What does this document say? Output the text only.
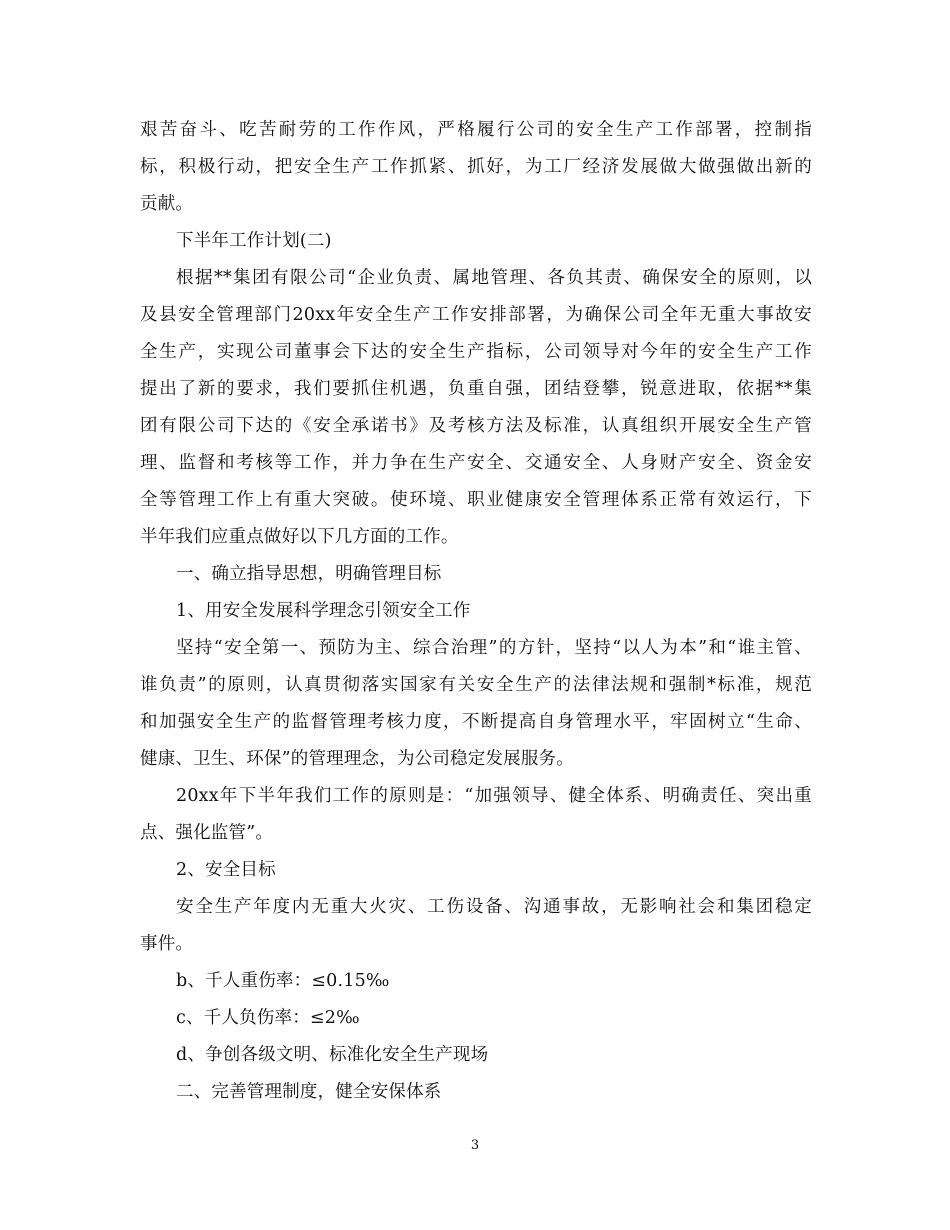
艰苦奋斗、吃苦耐劳的工作作风，严格履行公司的安全生产工作部署，控制指
标，积极行动，把安全生产工作抓紧、抓好，为工厂经济发展做大做强做出新的
贡献。
下半年工作计划(二)
根据**集团有限公司“企业负责、属地管理、各负其责、确保安全的原则，以
及县安全管理部门20xx年安全生产工作安排部署，为确保公司全年无重大事故安
全生产，实现公司董事会下达的安全生产指标，公司领导对今年的安全生产工作
提出了新的要求，我们要抓住机遇，负重自强，团结登攀，锐意进取，依据**集
团有限公司下达的《安全承诺书》及考核方法及标准，认真组织开展安全生产管
理、监督和考核等工作，并力争在生产安全、交通安全、人身财产安全、资金安
全等管理工作上有重大突破。使环境、职业健康安全管理体系正常有效运行，下
半年我们应重点做好以下几方面的工作。
一、确立指导思想，明确管理目标
1、用安全发展科学理念引领安全工作
坚持“安全第一、预防为主、综合治理”的方针，坚持“以人为本”和“谁主管、
谁负责”的原则，认真贯彻落实国家有关安全生产的法律法规和强制*标准，规范
和加强安全生产的监督管理考核力度，不断提高自身管理水平，牢固树立“生命、
健康、卫生、环保”的管理理念，为公司稳定发展服务。
20xx年下半年我们工作的原则是：“加强领导、健全体系、明确责任、突出重
点、强化监管”。
2、安全目标
安全生产年度内无重大火灾、工伤设备、沟通事故，无影响社会和集团稳定
事件。
b、千人重伤率：≤0.15‰
c、千人负伤率：≤2‰
d、争创各级文明、标准化安全生产现场
二、完善管理制度，健全安保体系
3
